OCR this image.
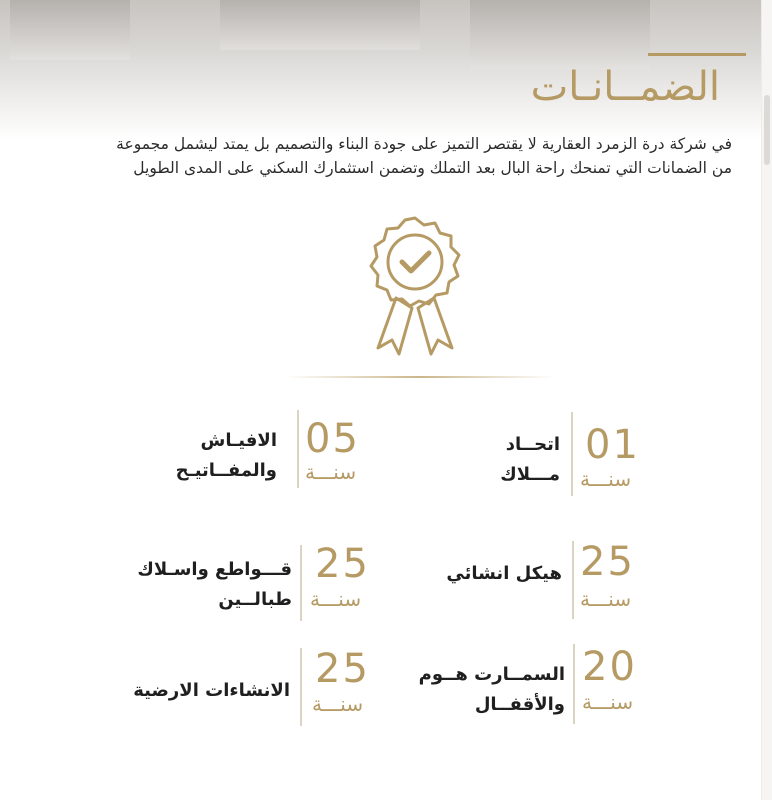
الضمــانـات
في شركة درة الزمرد العقارية لا يقتصر التميز على جودة البناء والتصميم بل يمتد ليشمل مجموعة
من الضمانات التي تمنحك راحة البال بعد التملك وتضمن استثمارك السكني على المدى الطويل
01
سنـــة
اتحــاد
مـــلاك
05
سنـــة
الافيـاش
والمفــاتيـح
25
سنـــة
هيكل انشائي
25
سنـــة
قـــواطع واسـلاك
طبالــين
20
سنـــة
السمــارت هــوم
والأقفــال
25
سنـــة
الانشاءات الارضية
